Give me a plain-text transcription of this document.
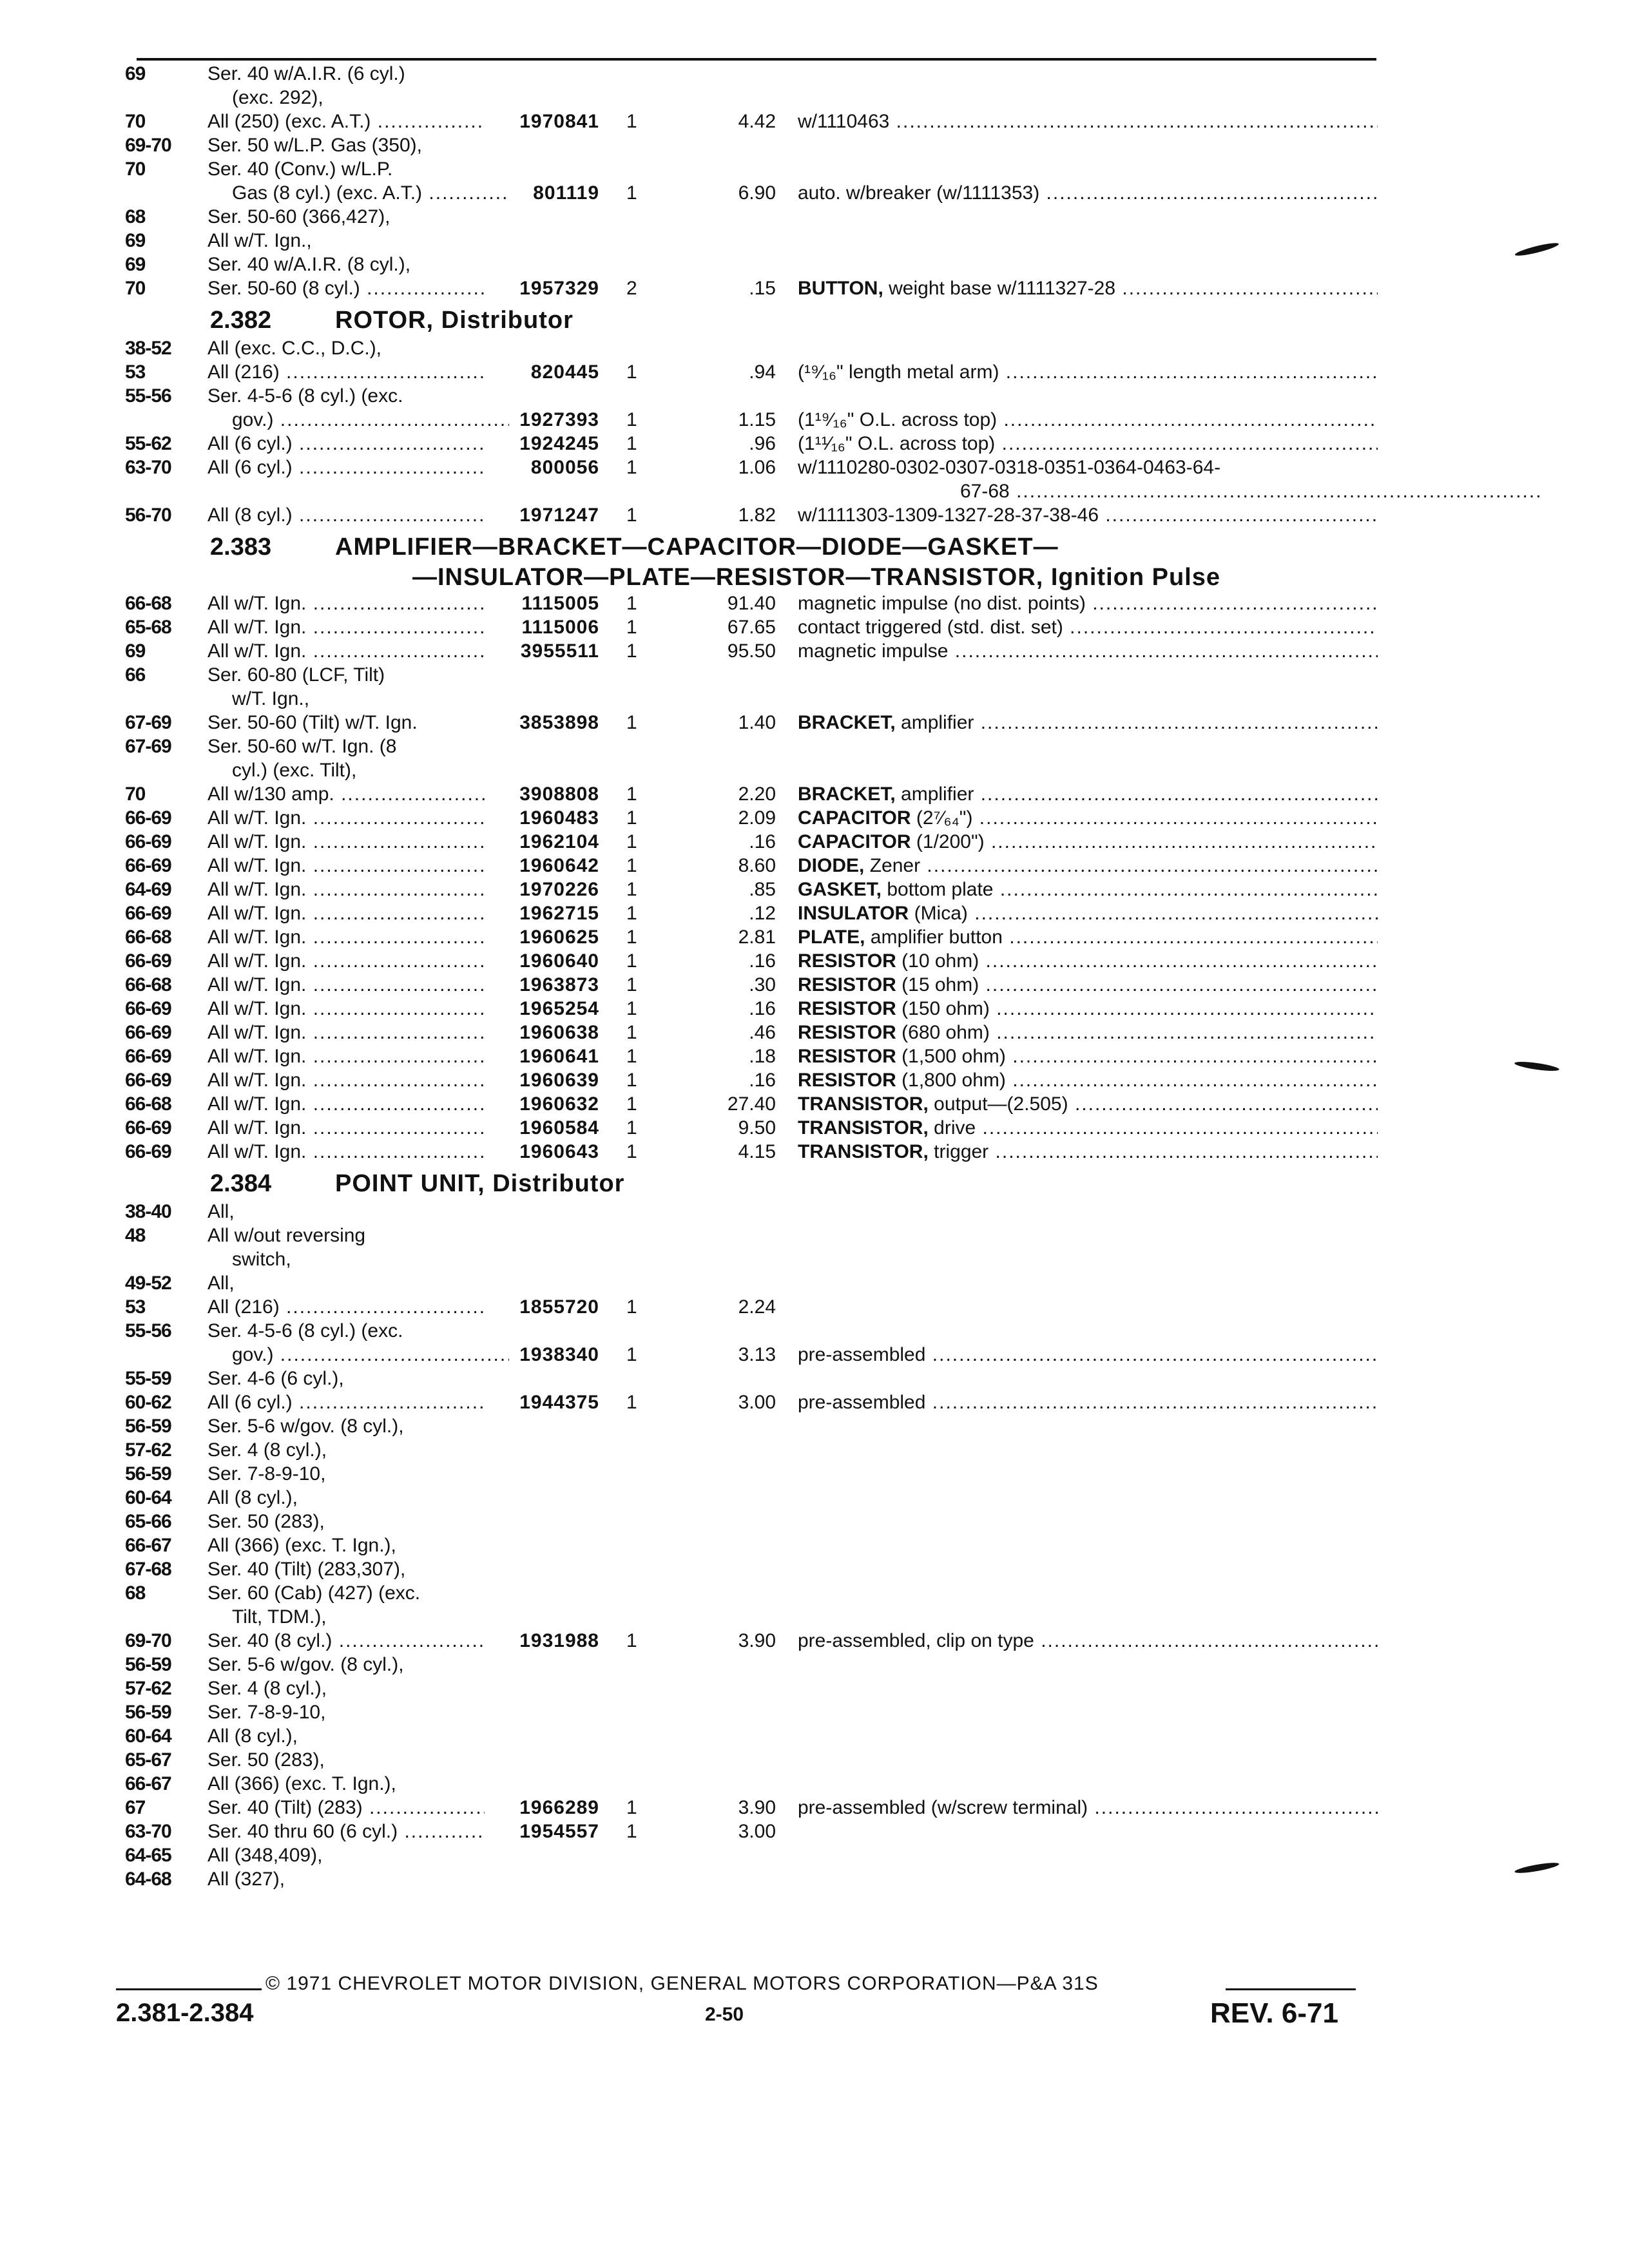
69	Ser. 40 w/A.I.R. (6 cyl.)
(exc. 292),
70	All (250) (exc. A.T.) .....	1970841 1	4.42 w/1110463 .....
69-70	Ser. 50 w/L.P. Gas (350),
70	Ser. 40 (Conv.) w/L.P.
Gas (8 cyl.) (exc. A.T.) .....	801119 1	6.90 auto. w/breaker (w/1111353) .....
68	Ser. 50-60 (366,427),
69	All w/T. Ign.,
69	Ser. 40 w/A.I.R. (8 cyl.),
70	Ser. 50-60 (8 cyl.) .....	1957329 2	.15 BUTTON, weight base w/1111327-28 .....
2.382	ROTOR, Distributor
38-52	All (exc. C.C., D.C.),
53	All (216) .....	820445 1	.94 (¹⁹⁄₁₆" length metal arm) .....
55-56	Ser. 4-5-6 (8 cyl.) (exc.
gov.) .....	1927393 1	1.15 (1¹⁹⁄₁₆" O.L. across top) .....
55-62	All (6 cyl.) .....	1924245 1	.96 (1¹¹⁄₁₆" O.L. across top) .....
63-70	All (6 cyl.) .....	800056 1	1.06 w/1110280-0302-0307-0318-0351-0364-0463-64-
67-68 .....
56-70	All (8 cyl.) .....	1971247 1	1.82 w/1111303-1309-1327-28-37-38-46 .....
2.383	AMPLIFIER—BRACKET—CAPACITOR—DIODE—GASKET—
—INSULATOR—PLATE—RESISTOR—TRANSISTOR, Ignition Pulse
66-68	All w/T. Ign. .....	1115005 1	91.40 magnetic impulse (no dist. points) .....
65-68	All w/T. Ign. .....	1115006 1	67.65 contact triggered (std. dist. set) .....
69	All w/T. Ign. .....	3955511 1	95.50 magnetic impulse .....
66	Ser. 60-80 (LCF, Tilt)
w/T. Ign.,
67-69	Ser. 50-60 (Tilt) w/T. Ign.	3853898 1	1.40 BRACKET, amplifier .....
67-69	Ser. 50-60 w/T. Ign. (8
cyl.) (exc. Tilt),
70	All w/130 amp. .....	3908808 1	2.20 BRACKET, amplifier .....
66-69	All w/T. Ign. .....	1960483 1	2.09 CAPACITOR (2⁷⁄₆₄") .....
66-69	All w/T. Ign. .....	1962104 1	.16 CAPACITOR (1/200") .....
66-69	All w/T. Ign. .....	1960642 1	8.60 DIODE, Zener .....
64-69	All w/T. Ign. .....	1970226 1	.85 GASKET, bottom plate .....
66-69	All w/T. Ign. .....	1962715 1	.12 INSULATOR (Mica) .....
66-68	All w/T. Ign. .....	1960625 1	2.81 PLATE, amplifier button .....
66-69	All w/T. Ign. .....	1960640 1	.16 RESISTOR (10 ohm) .....
66-68	All w/T. Ign. .....	1963873 1	.30 RESISTOR (15 ohm) .....
66-69	All w/T. Ign. .....	1965254 1	.16 RESISTOR (150 ohm) .....
66-69	All w/T. Ign. .....	1960638 1	.46 RESISTOR (680 ohm) .....
66-69	All w/T. Ign. .....	1960641 1	.18 RESISTOR (1,500 ohm) .....
66-69	All w/T. Ign. .....	1960639 1	.16 RESISTOR (1,800 ohm) .....
66-68	All w/T. Ign. .....	1960632 1	27.40 TRANSISTOR, output—(2.505) .....
66-69	All w/T. Ign. .....	1960584 1	9.50 TRANSISTOR, drive .....
66-69	All w/T. Ign. .....	1960643 1	4.15 TRANSISTOR, trigger .....
2.384	POINT UNIT, Distributor
38-40	All,
48	All w/out reversing
switch,
49-52	All,
53	All (216) .....	1855720 1	2.24
55-56	Ser. 4-5-6 (8 cyl.) (exc.
gov.) .....	1938340 1	3.13 pre-assembled .....
55-59	Ser. 4-6 (6 cyl.),
60-62	All (6 cyl.) .....	1944375 1	3.00 pre-assembled .....
56-59	Ser. 5-6 w/gov. (8 cyl.),
57-62	Ser. 4 (8 cyl.),
56-59	Ser. 7-8-9-10,
60-64	All (8 cyl.),
65-66	Ser. 50 (283),
66-67	All (366) (exc. T. Ign.),
67-68	Ser. 40 (Tilt) (283,307),
68	Ser. 60 (Cab) (427) (exc.
Tilt, TDM.),
69-70	Ser. 40 (8 cyl.) .....	1931988 1	3.90 pre-assembled, clip on type .....
56-59	Ser. 5-6 w/gov. (8 cyl.),
57-62	Ser. 4 (8 cyl.),
56-59	Ser. 7-8-9-10,
60-64	All (8 cyl.),
65-67	Ser. 50 (283),
66-67	All (366) (exc. T. Ign.),
67	Ser. 40 (Tilt) (283) .....	1966289 1	3.90 pre-assembled (w/screw terminal) .....
63-70	Ser. 40 thru 60 (6 cyl.) .....	1954557 1	3.00
64-65	All (348,409),
64-68	All (327),
© 1971 CHEVROLET MOTOR DIVISION, GENERAL MOTORS CORPORATION—P&A 31S
2.381-2.384	2-50	REV. 6-71
